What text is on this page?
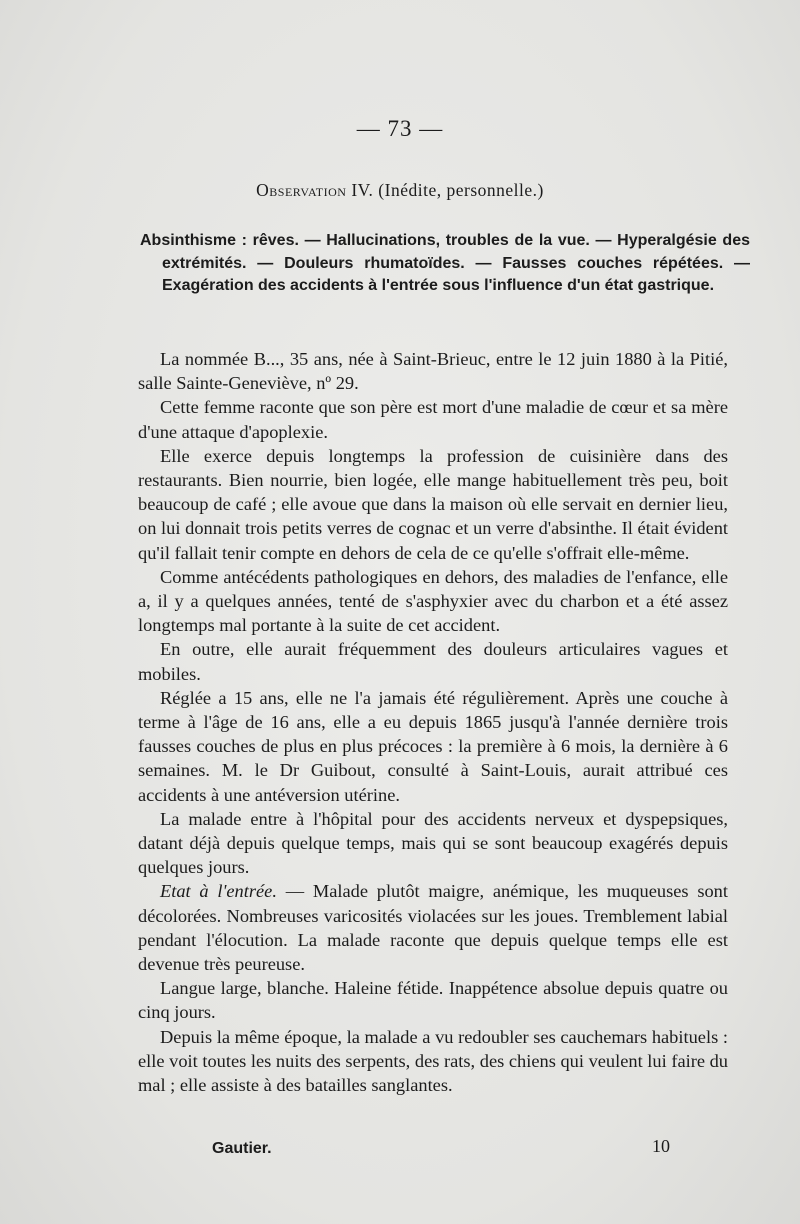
— 73 —
Observation IV. (Inédite, personnelle.)
Absinthisme : rêves. — Hallucinations, troubles de la vue. — Hyperalgésie des extrémités. — Douleurs rhumatoïdes. — Fausses couches répétées. — Exagération des accidents à l'entrée sous l'influence d'un état gastrique.

La nommée B..., 35 ans, née à Saint-Brieuc, entre le 12 juin 1880 à la Pitié, salle Sainte-Geneviève, nº 29.

Cette femme raconte que son père est mort d'une maladie de cœur et sa mère d'une attaque d'apoplexie.

Elle exerce depuis longtemps la profession de cuisinière dans des restaurants. Bien nourrie, bien logée, elle mange habituellement très peu, boit beaucoup de café ; elle avoue que dans la maison où elle servait en dernier lieu, on lui donnait trois petits verres de cognac et un verre d'absinthe. Il était évident qu'il fallait tenir compte en dehors de cela de ce qu'elle s'offrait elle-même.

Comme antécédents pathologiques en dehors, des maladies de l'enfance, elle a, il y a quelques années, tenté de s'asphyxier avec du charbon et a été assez longtemps mal portante à la suite de cet accident.

En outre, elle aurait fréquemment des douleurs articulaires vagues et mobiles.

Réglée a 15 ans, elle ne l'a jamais été régulièrement. Après une couche à terme à l'âge de 16 ans, elle a eu depuis 1865 jusqu'à l'année dernière trois fausses couches de plus en plus précoces : la première à 6 mois, la dernière à 6 semaines. M. le Dr Guibout, consulté à Saint-Louis, aurait attribué ces accidents à une antéversion utérine.

La malade entre à l'hôpital pour des accidents nerveux et dyspepsiques, datant déjà depuis quelque temps, mais qui se sont beaucoup exagérés depuis quelques jours.

Etat à l'entrée. — Malade plutôt maigre, anémique, les muqueuses sont décolorées. Nombreuses varicosités violacées sur les joues. Tremblement labial pendant l'élocution. La malade raconte que depuis quelque temps elle est devenue très peureuse.

Langue large, blanche. Haleine fétide. Inappétence absolue depuis quatre ou cinq jours.

Depuis la même époque, la malade a vu redoubler ses cauchemars habituels : elle voit toutes les nuits des serpents, des rats, des chiens qui veulent lui faire du mal ; elle assiste à des batailles sanglantes.

Gautier.	10
